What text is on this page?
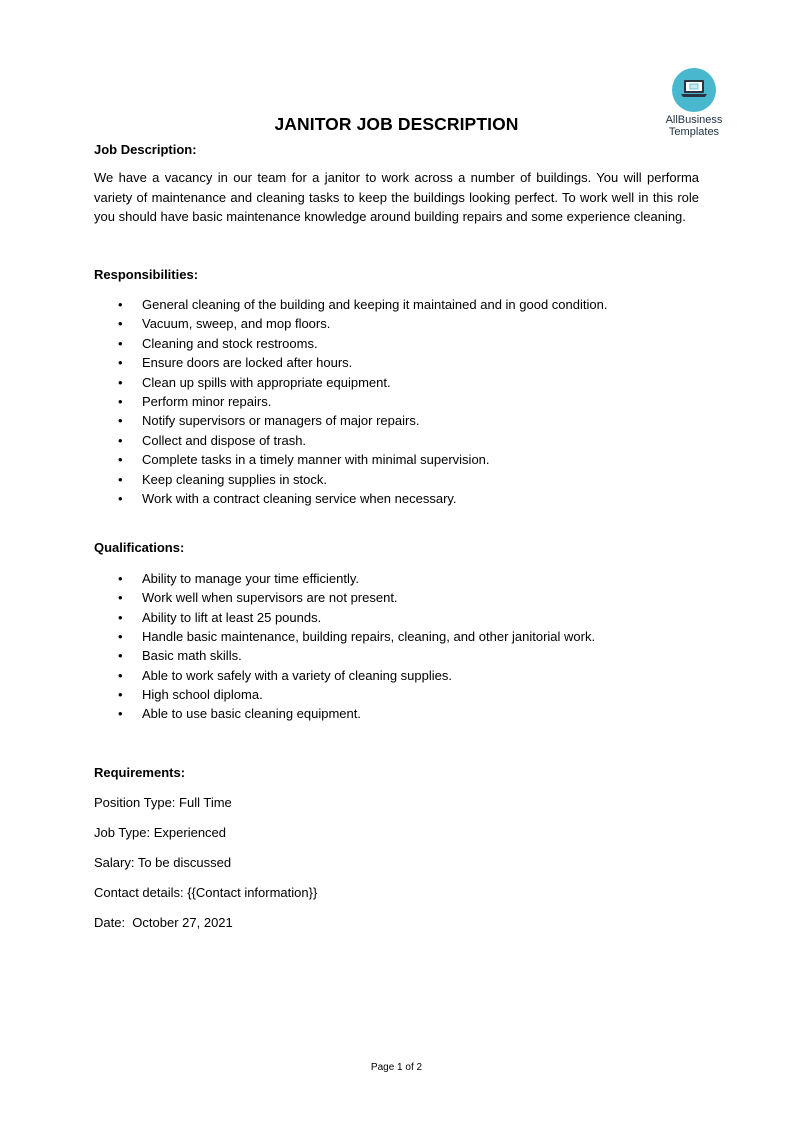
AllBusiness
Templates
JANITOR JOB DESCRIPTION

Job Description:

We have a vacancy in our team for a janitor to work across a number of buildings. You will performa variety of maintenance and cleaning tasks to keep the buildings looking perfect. To work well in this role you should have basic maintenance knowledge around building repairs and some experience cleaning.

Responsibilities:

• General cleaning of the building and keeping it maintained and in good condition.
• Vacuum, sweep, and mop floors.
• Cleaning and stock restrooms.
• Ensure doors are locked after hours.
• Clean up spills with appropriate equipment.
• Perform minor repairs.
• Notify supervisors or managers of major repairs.
• Collect and dispose of trash.
• Complete tasks in a timely manner with minimal supervision.
• Keep cleaning supplies in stock.
• Work with a contract cleaning service when necessary.

Qualifications:

• Ability to manage your time efficiently.
• Work well when supervisors are not present.
• Ability to lift at least 25 pounds.
• Handle basic maintenance, building repairs, cleaning, and other janitorial work.
• Basic math skills.
• Able to work safely with a variety of cleaning supplies.
• High school diploma.
• Able to use basic cleaning equipment.

Requirements:

Position Type: Full Time

Job Type: Experienced

Salary: To be discussed

Contact details: {{Contact information}}

Date:  October 27, 2021

Page 1 of 2
